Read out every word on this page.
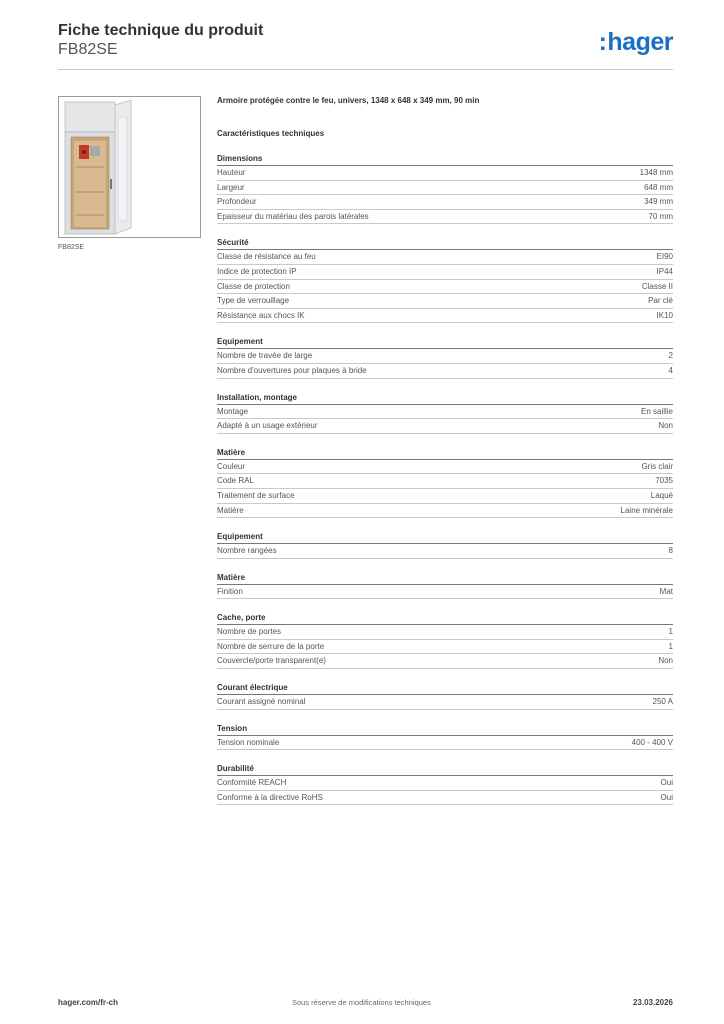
Fiche technique du produit
FB82SE	:hager
FB82SE
Armoire protégée contre le feu, univers, 1348 x 648 x 349 mm, 90 min
Caractéristiques techniques
Dimensions
Hauteur	1348 mm
Largeur	648 mm
Profondeur	349 mm
Epaisseur du matériau des parois latérales	70 mm
Sécurité
Classe de résistance au feu	EI90
Indice de protection IP	IP44
Classe de protection	Classe II
Type de verrouillage	Par clé
Résistance aux chocs IK	IK10
Equipement
Nombre de travée de large	2
Nombre d'ouvertures pour plaques à bride	4
Installation, montage
Montage	En saillie
Adapté à un usage extérieur	Non
Matière
Couleur	Gris clair
Code RAL	7035
Traitement de surface	Laqué
Matière	Laine minérale
Equipement
Nombre rangées	8
Matière
Finition	Mat
Cache, porte
Nombre de portes	1
Nombre de serrure de la porte	1
Couvercle/porte transparent(e)	Non
Courant électrique
Courant assigné nominal	250 A
Tension
Tension nominale	400 - 400 V
Durabilité
Conformité REACH	Oui
Conforme à la directive RoHS	Oui
hager.com/fr-ch	Sous réserve de modifications techniques	23.03.2026
